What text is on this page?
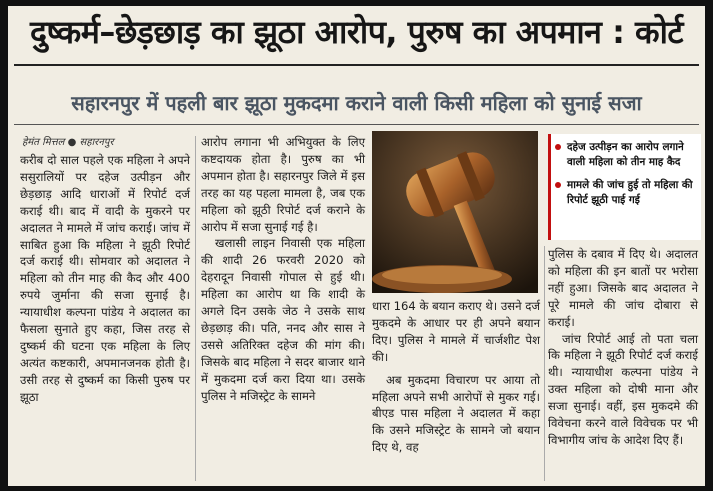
दुष्कर्म–छेड़छाड़ का झूठा आरोप, पुरुष का अपमान : कोर्ट
सहारनपुर में पहली बार झूठा मुकदमा कराने वाली किसी महिला को सुनाई सजा
हेमंत मित्तल ● सहारनपुर

करीब दो साल पहले एक महिला ने अपने ससुरालियों पर दहेज उत्पीड़न और छेड़छाड़ आदि धाराओं में रिपोर्ट दर्ज कराई थी। बाद में वादी के मुकरने पर अदालत ने मामले में जांच कराई। जांच में साबित हुआ कि महिला ने झूठी रिपोर्ट दर्ज कराई थी। सोमवार को अदालत ने महिला को तीन माह की कैद और 400 रुपये जुर्माना की सजा सुनाई है। न्यायाधीश कल्पना पांडेय ने अदालत का फैसला सुनाते हुए कहा, जिस तरह से दुष्कर्म की घटना एक महिला के लिए अत्यंत कष्टकारी, अपमानजनक होती है। उसी तरह से दुष्कर्म का किसी पुरुष पर झूठा

आरोप लगाना भी अभियुक्त के लिए कष्टदायक होता है। पुरुष का भी अपमान होता है। सहारनपुर जिले में इस तरह का यह पहला मामला है, जब एक महिला को झूठी रिपोर्ट दर्ज कराने के आरोप में सजा सुनाई गई है।

खलासी लाइन निवासी एक महिला की शादी 26 फरवरी 2020 को देहरादून निवासी गोपाल से हुई थी। महिला का आरोप था कि शादी के अगले दिन उसके जेठ ने उसके साथ छेड़छाड़ की। पति, ननद और सास ने उससे अतिरिक्त दहेज की मांग की। जिसके बाद महिला ने सदर बाजार थाने में मुकदमा दर्ज करा दिया था। उसके पुलिस ने मजिस्ट्रेट के सामने

दहेज उत्पीड़न का आरोप लगाने वाली महिला को तीन माह कैद
मामले की जांच हुई तो महिला की रिपोर्ट झूठी पाई गई

धारा 164 के बयान कराए थे। उसने दर्ज मुकदमे के आधार पर ही अपने बयान दिए। पुलिस ने मामले में चार्जशीट पेश की।

अब मुकदमा विचारण पर आया तो महिला अपने सभी आरोपों से मुकर गई। बीएड पास महिला ने अदालत में कहा कि उसने मजिस्ट्रेट के सामने जो बयान दिए थे, वह

पुलिस के दबाव में दिए थे। अदालत को महिला की इन बातों पर भरोसा नहीं हुआ। जिसके बाद अदालत ने पूरे मामले की जांच दोबारा से कराई।

जांच रिपोर्ट आई तो पता चला कि महिला ने झूठी रिपोर्ट दर्ज कराई थी। न्यायाधीश कल्पना पांडेय ने उक्त महिला को दोषी माना और सजा सुनाई। वहीं, इस मुकदमे की विवेचना करने वाले विवेचक पर भी विभागीय जांच के आदेश दिए हैं।
